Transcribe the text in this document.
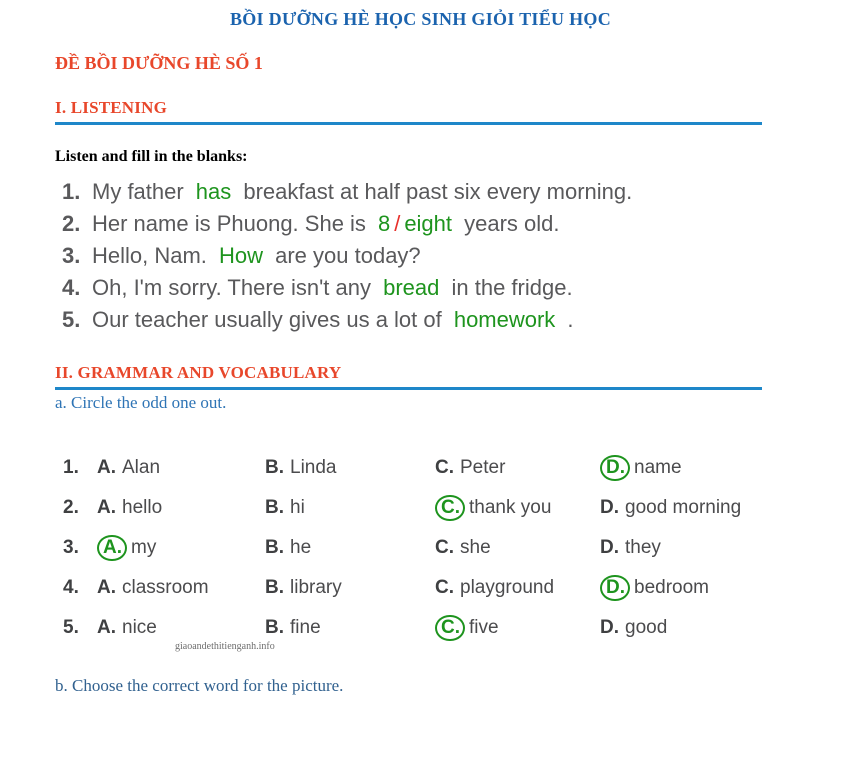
BỒI DƯỠNG HÈ HỌC SINH GIỎI TIỂU HỌC
ĐỀ BỒI DƯỠNG HÈ SỐ 1
I. LISTENING
Listen and fill in the blanks:
1. My father has breakfast at half past six every morning.
2. Her name is Phuong. She is 8 / eight years old.
3. Hello, Nam. How are you today?
4. Oh, I'm sorry. There isn't any bread in the fridge.
5. Our teacher usually gives us a lot of homework .
II. GRAMMAR AND VOCABULARY
a. Circle the odd one out.
1. A. Alan	B. Linda	C. Peter	D. name
2. A. hello	B. hi	C. thank you	D. good morning
3.	A. my	B. he	C. she	D. they
4. A. classroom	B. library	C. playground	D. bedroom
5. A. nice	B. fine	C. five	D. good
giaoandethitienganh.info
b. Choose the correct word for the picture.
